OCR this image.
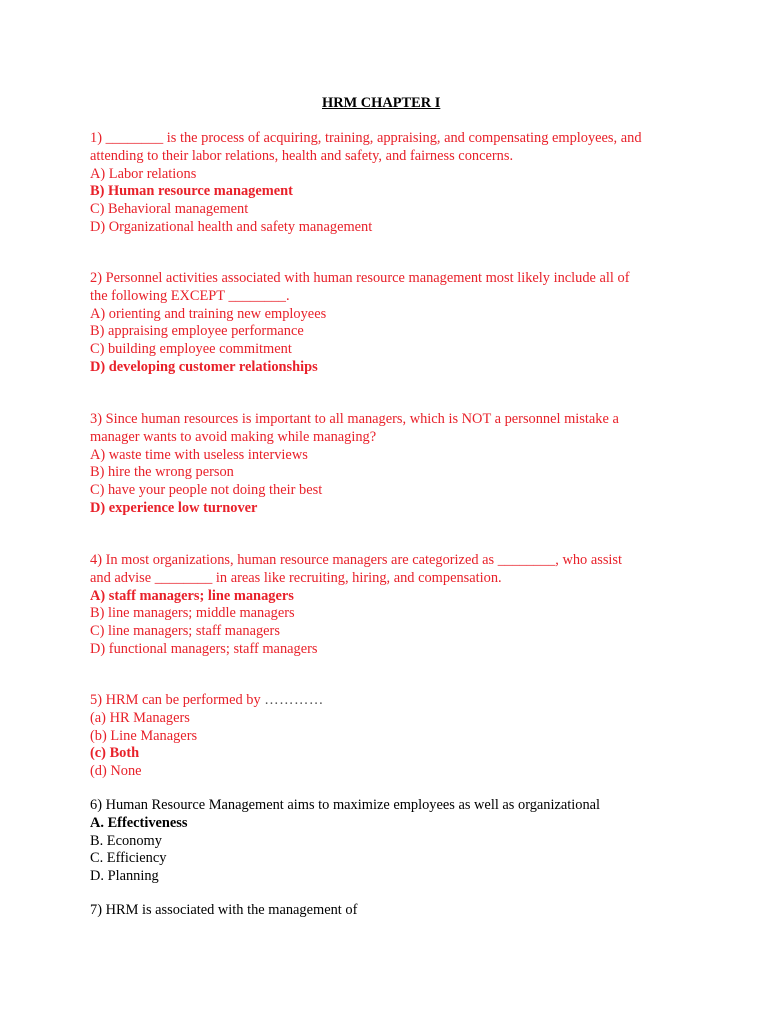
HRM CHAPTER I
1) ________ is the process of acquiring, training, appraising, and compensating employees, and
attending to their labor relations, health and safety, and fairness concerns.
A) Labor relations
B) Human resource management
C) Behavioral management
D) Organizational health and safety management
2) Personnel activities associated with human resource management most likely include all of
the following EXCEPT ________.
A) orienting and training new employees
B) appraising employee performance
C) building employee commitment
D) developing customer relationships
3) Since human resources is important to all managers, which is NOT a personnel mistake a
manager wants to avoid making while managing?
A) waste time with useless interviews
B) hire the wrong person
C) have your people not doing their best
D) experience low turnover
4) In most organizations, human resource managers are categorized as ________, who assist
and advise ________ in areas like recruiting, hiring, and compensation.
A) staff managers; line managers
B) line managers; middle managers
C) line managers; staff managers
D) functional managers; staff managers
5) HRM can be performed by …………
(a) HR Managers
(b) Line Managers
(c) Both
(d) None
6) Human Resource Management aims to maximize employees as well as organizational
A. Effectiveness
B. Economy
C. Efficiency
D. Planning
7) HRM is associated with the management of
